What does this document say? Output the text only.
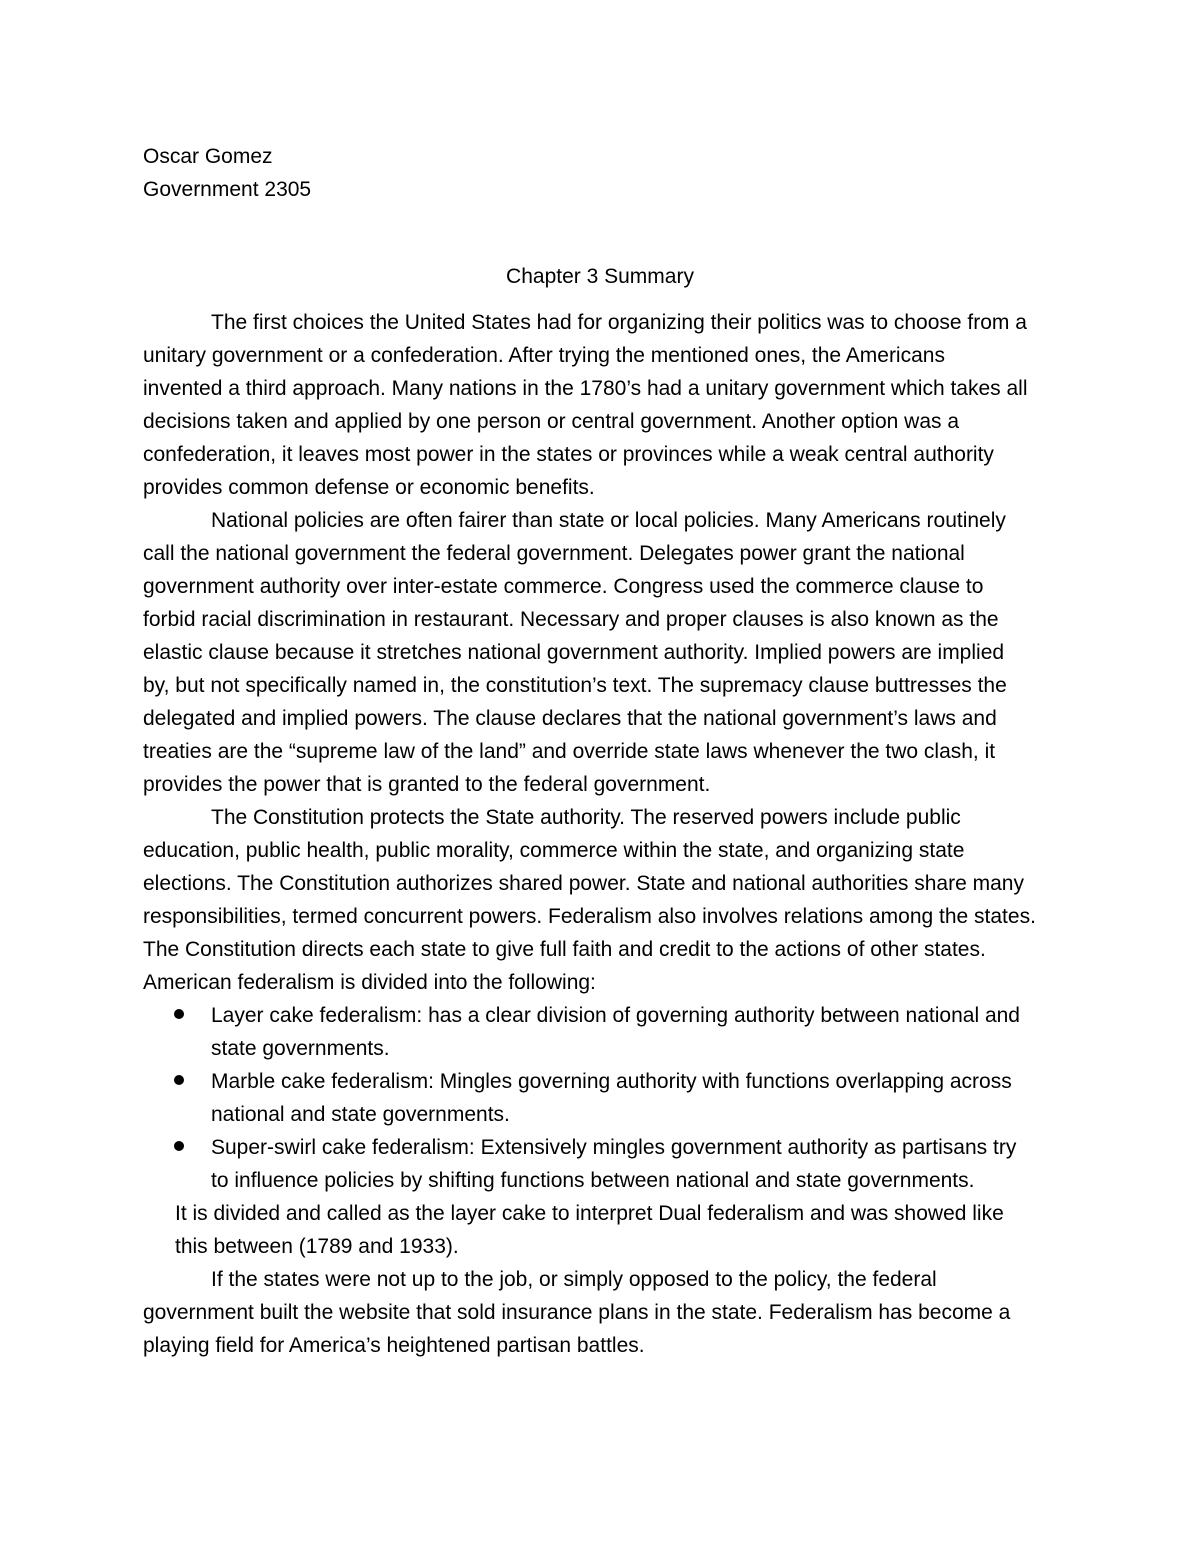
Oscar Gomez

Government 2305

Chapter 3 Summary

The first choices the United States had for organizing their politics was to choose from a

unitary government or a confederation. After trying the mentioned ones, the Americans

invented a third approach. Many nations in the 1780’s had a unitary government which takes all

decisions taken and applied by one person or central government. Another option was a

confederation, it leaves most power in the states or provinces while a weak central authority

provides common defense or economic benefits.

National policies are often fairer than state or local policies. Many Americans routinely

call the national government the federal government. Delegates power grant the national

government authority over inter-estate commerce. Congress used the commerce clause to

forbid racial discrimination in restaurant. Necessary and proper clauses is also known as the

elastic clause because it stretches national government authority. Implied powers are implied

by, but not specifically named in, the constitution’s text. The supremacy clause buttresses the

delegated and implied powers. The clause declares that the national government’s laws and

treaties are the “supreme law of the land” and override state laws whenever the two clash, it

provides the power that is granted to the federal government.

The Constitution protects the State authority. The reserved powers include public

education, public health, public morality, commerce within the state, and organizing state

elections. The Constitution authorizes shared power. State and national authorities share many

responsibilities, termed concurrent powers. Federalism also involves relations among the states.

The Constitution directs each state to give full faith and credit to the actions of other states.

American federalism is divided into the following:

Layer cake federalism: has a clear division of governing authority between national and

state governments.

Marble cake federalism: Mingles governing authority with functions overlapping across

national and state governments.

Super-swirl cake federalism: Extensively mingles government authority as partisans try

to influence policies by shifting functions between national and state governments.

It is divided and called as the layer cake to interpret Dual federalism and was showed like

this between (1789 and 1933).

If the states were not up to the job, or simply opposed to the policy, the federal

government built the website that sold insurance plans in the state. Federalism has become a

playing field for America’s heightened partisan battles.
